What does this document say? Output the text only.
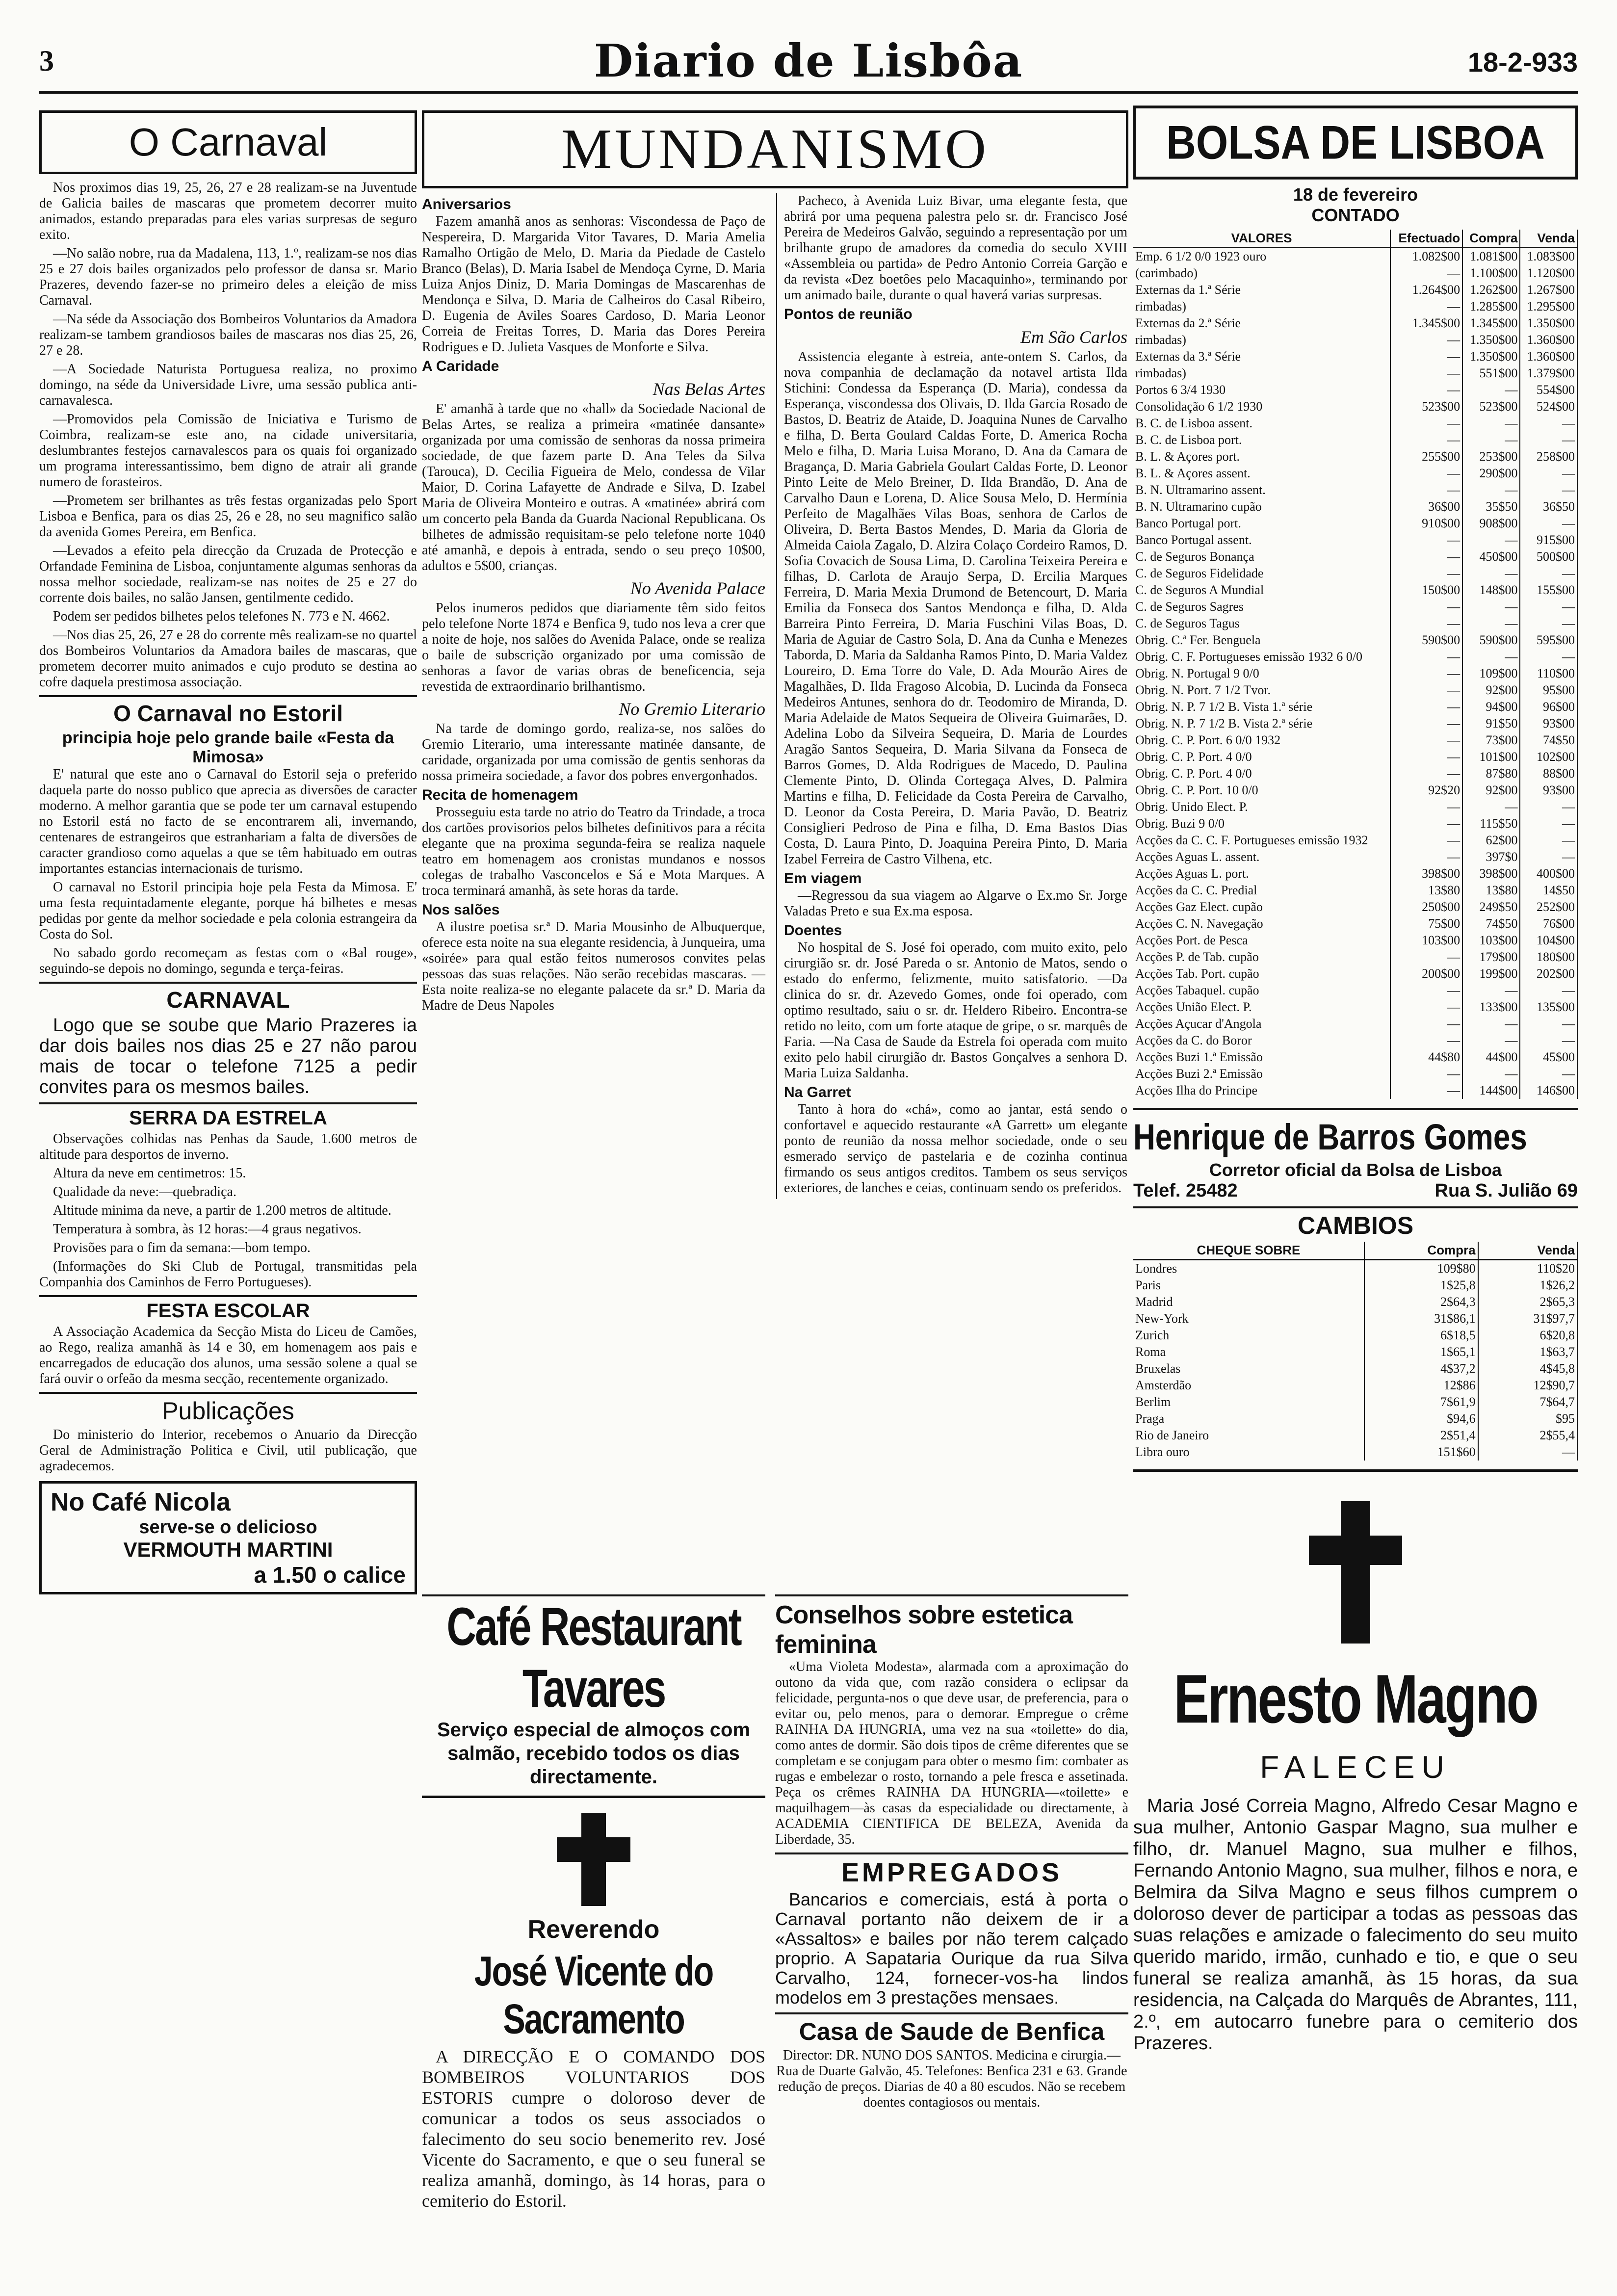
3	Diario de Lisbôa	18-2-933
O Carnaval

Nos proximos dias 19, 25, 26, 27 e 28 realizam-se na Juventude de Galicia bailes de mascaras que prometem decorrer muito animados, estando preparadas para eles varias surpresas de seguro exito.

—No salão nobre, rua da Madalena, 113, 1.º, realizam-se nos dias 25 e 27 dois bailes organizados pelo professor de dansa sr. Mario Prazeres, devendo fazer-se no primeiro deles a eleição de miss Carnaval.

—Na séde da Associação dos Bombeiros Voluntarios da Amadora realizam-se tambem grandiosos bailes de mascaras nos dias 25, 26, 27 e 28.

—A Sociedade Naturista Portuguesa realiza, no proximo domingo, na séde da Universidade Livre, uma sessão publica anti-carnavalesca.

—Promovidos pela Comissão de Iniciativa e Turismo de Coimbra, realizam-se este ano, na cidade universitaria, deslumbrantes festejos carnavalescos para os quais foi organizado um programa interessantissimo, bem digno de atrair ali grande numero de forasteiros.

—Prometem ser brilhantes as três festas organizadas pelo Sport Lisboa e Benfica, para os dias 25, 26 e 28, no seu magnifico salão da avenida Gomes Pereira, em Benfica.

—Levados a efeito pela direcção da Cruzada de Protecção e Orfandade Feminina de Lisboa, conjuntamente algumas senhoras da nossa melhor sociedade, realizam-se nas noites de 25 e 27 do corrente dois bailes, no salão Jansen, gentilmente cedido.

Podem ser pedidos bilhetes pelos telefones N. 773 e N. 4662.

—Nos dias 25, 26, 27 e 28 do corrente mês realizam-se no quartel dos Bombeiros Voluntarios da Amadora bailes de mascaras, que prometem decorrer muito animados e cujo produto se destina ao cofre daquela prestimosa associação.

O Carnaval no Estoril
principia hoje pelo grande baile «Festa da Mimosa»

E' natural que este ano o Carnaval do Estoril seja o preferido daquela parte do nosso publico que aprecia as diversões de caracter moderno. A melhor garantia que se pode ter um carnaval estupendo no Estoril está no facto de se encontrarem ali, invernando, centenares de estrangeiros que estranhariam a falta de diversões de caracter grandioso como aquelas a que se têm habituado em outras importantes estancias internacionais de turismo.

O carnaval no Estoril principia hoje pela Festa da Mimosa. E' uma festa requintadamente elegante, porque há bilhetes e mesas pedidas por gente da melhor sociedade e pela colonia estrangeira da Costa do Sol.

No sabado gordo recomeçam as festas com o «Bal rouge», seguindo-se depois no domingo, segunda e terça-feiras.

CARNAVAL

Logo que se soube que Mario Prazeres ia dar dois bailes nos dias 25 e 27 não parou mais de tocar o telefone 7125 a pedir convites para os mesmos bailes.

SERRA DA ESTRELA

Observações colhidas nas Penhas da Saude, 1.600 metros de altitude para desportos de inverno.

Altura da neve em centimetros: 15.

Qualidade da neve:—quebradiça.

Altitude minima da neve, a partir de 1.200 metros de altitude.

Temperatura à sombra, às 12 horas:—4 graus negativos.

Provisões para o fim da semana:—bom tempo.

(Informações do Ski Club de Portugal, transmitidas pela Companhia dos Caminhos de Ferro Portugueses).

FESTA ESCOLAR

A Associação Academica da Secção Mista do Liceu de Camões, ao Rego, realiza amanhã às 14 e 30, em homenagem aos pais e encarregados de educação dos alunos, uma sessão solene a qual se fará ouvir o orfeão da mesma secção, recentemente organizado.

Publicações

Do ministerio do Interior, recebemos o Anuario da Direcção Geral de Administração Politica e Civil, util publicação, que agradecemos.

No Café Nicola
serve-se o delicioso
VERMOUTH MARTINI
a 1.50 o calice
MUNDANISMO
Aniversarios

Fazem amanhã anos as senhoras: Viscondessa de Paço de Nespereira, D. Margarida Vitor Tavares, D. Maria Amelia Ramalho Ortigão de Melo, D. Maria da Piedade de Castelo Branco (Belas), D. Maria Isabel de Mendoça Cyrne, D. Maria Luiza Anjos Diniz, D. Maria Domingas de Mascarenhas de Mendonça e Silva, D. Maria de Calheiros do Casal Ribeiro, D. Eugenia de Aviles Soares Cardoso, D. Maria Leonor Correia de Freitas Torres, D. Maria das Dores Pereira Rodrigues e D. Julieta Vasques de Monforte e Silva.

A Caridade
Nas Belas Artes

E' amanhã à tarde que no «hall» da Sociedade Nacional de Belas Artes, se realiza a primeira «matinée dansante» organizada por uma comissão de senhoras da nossa primeira sociedade, de que fazem parte D. Ana Teles da Silva (Tarouca), D. Cecilia Figueira de Melo, condessa de Vilar Maior, D. Corina Lafayette de Andrade e Silva, D. Izabel Maria de Oliveira Monteiro e outras. A «matinée» abrirá com um concerto pela Banda da Guarda Nacional Republicana. Os bilhetes de admissão requisitam-se pelo telefone norte 1040 até amanhã, e depois à entrada, sendo o seu preço 10$00, adultos e 5$00, crianças.

No Avenida Palace

Pelos inumeros pedidos que diariamente têm sido feitos pelo telefone Norte 1874 e Benfica 9, tudo nos leva a crer que a noite de hoje, nos salões do Avenida Palace, onde se realiza o baile de subscrição organizado por uma comissão de senhoras a favor de varias obras de beneficencia, seja revestida de extraordinario brilhantismo.

No Gremio Literario

Na tarde de domingo gordo, realiza-se, nos salões do Gremio Literario, uma interessante matinée dansante, de caridade, organizada por uma comissão de gentis senhoras da nossa primeira sociedade, a favor dos pobres envergonhados.

Recita de homenagem

Prosseguiu esta tarde no atrio do Teatro da Trindade, a troca dos cartões provisorios pelos bilhetes definitivos para a récita elegante que na proxima segunda-feira se realiza naquele teatro em homenagem aos cronistas mundanos e nossos colegas de trabalho Vasconcelos e Sá e Mota Marques. A troca terminará amanhã, às sete horas da tarde.

Nos salões

A ilustre poetisa sr.ª D. Maria Mousinho de Albuquerque, oferece esta noite na sua elegante residencia, à Junqueira, uma «soirée» para qual estão feitos numerosos convites pelas pessoas das suas relações. Não serão recebidas mascaras. —Esta noite realiza-se no elegante palacete da sr.ª D. Maria da Madre de Deus Napoles

Pacheco, à Avenida Luiz Bivar, uma elegante festa, que abrirá por uma pequena palestra pelo sr. dr. Francisco José Pereira de Medeiros Galvão, seguindo a representação por um brilhante grupo de amadores da comedia do seculo XVIII «Assembleia ou partida» de Pedro Antonio Correia Garção e da revista «Dez boetôes pelo Macaquinho», terminando por um animado baile, durante o qual haverá varias surpresas.

Pontos de reunião
Em São Carlos

Assistencia elegante à estreia, ante-ontem S. Carlos, da nova companhia de declamação da notavel artista Ilda Stichini: Condessa da Esperança (D. Maria), condessa da Esperança, viscondessa dos Olivais, D. Ilda Garcia Rosado de Bastos, D. Beatriz de Ataide, D. Joaquina Nunes de Carvalho e filha, D. Berta Goulard Caldas Forte, D. America Rocha Melo e filha, D. Maria Luisa Morano, D. Ana da Camara de Bragança, D. Maria Gabriela Goulart Caldas Forte, D. Leonor Pinto Leite de Melo Breiner, D. Ilda Brandão, D. Ana de Carvalho Daun e Lorena, D. Alice Sousa Melo, D. Hermínia Perfeito de Magalhães Vilas Boas, senhora de Carlos de Oliveira, D. Berta Bastos Mendes, D. Maria da Gloria de Almeida Caiola Zagalo, D. Alzira Colaço Cordeiro Ramos, D. Sofia Covacich de Sousa Lima, D. Carolina Teixeira Pereira e filhas, D. Carlota de Araujo Serpa, D. Ercilia Marques Ferreira, D. Maria Mexia Drumond de Betencourt, D. Maria Emilia da Fonseca dos Santos Mendonça e filha, D. Alda Barreira Pinto Ferreira, D. Maria Fuschini Vilas Boas, D. Maria de Aguiar de Castro Sola, D. Ana da Cunha e Menezes Taborda, D. Maria da Saldanha Ramos Pinto, D. Maria Valdez Loureiro, D. Ema Torre do Vale, D. Ada Mourão Aires de Magalhães, D. Ilda Fragoso Alcobia, D. Lucinda da Fonseca Medeiros Antunes, senhora do dr. Teodomiro de Miranda, D. Maria Adelaide de Matos Sequeira de Oliveira Guimarães, D. Adelina Lobo da Silveira Sequeira, D. Maria de Lourdes Aragão Santos Sequeira, D. Maria Silvana da Fonseca de Barros Gomes, D. Alda Rodrigues de Macedo, D. Paulina Clemente Pinto, D. Olinda Cortegaça Alves, D. Palmira Martins e filha, D. Felicidade da Costa Pereira de Carvalho, D. Leonor da Costa Pereira, D. Maria Pavão, D. Beatriz Consiglieri Pedroso de Pina e filha, D. Ema Bastos Dias Costa, D. Laura Pinto, D. Joaquina Pereira Pinto, D. Maria Izabel Ferreira de Castro Vilhena, etc.

Em viagem

—Regressou da sua viagem ao Algarve o Ex.mo Sr. Jorge Valadas Preto e sua Ex.ma esposa.

Doentes

No hospital de S. José foi operado, com muito exito, pelo cirurgião sr. dr. José Pareda o sr. Antonio de Matos, sendo o estado do enfermo, felizmente, muito satisfatorio. —Da clinica do sr. dr. Azevedo Gomes, onde foi operado, com optimo resultado, saiu o sr. dr. Heldero Ribeiro. Encontra-se retido no leito, com um forte ataque de gripe, o sr. marquês de Faria. —Na Casa de Saude da Estrela foi operada com muito exito pelo habil cirurgião dr. Bastos Gonçalves a senhora D. Maria Luiza Saldanha.

Na Garret

Tanto à hora do «chá», como ao jantar, está sendo o confortavel e aquecido restaurante «A Garrett» um elegante ponto de reunião da nossa melhor sociedade, onde o seu esmerado serviço de pastelaria e de cozinha continua firmando os seus antigos creditos. Tambem os seus serviços exteriores, de lanches e ceias, continuam sendo os preferidos.

Café Restaurant Tavares
Serviço especial de almoços com salmão, recebido todos os dias directamente.
Reverendo
José Vicente do Sacramento

A DIRECÇÃO E O COMANDO DOS BOMBEIROS VOLUNTARIOS DOS ESTORIS cumpre o doloroso dever de comunicar a todos os seus associados o falecimento do seu socio benemerito rev. José Vicente do Sacramento, e que o seu funeral se realiza amanhã, domingo, às 14 horas, para o cemiterio do Estoril.

Conselhos sobre estetica feminina

«Uma Violeta Modesta», alarmada com a aproximação do outono da vida que, com razão considera o eclipsar da felicidade, pergunta-nos o que deve usar, de preferencia, para o evitar ou, pelo menos, para o demorar. Empregue o crême RAINHA DA HUNGRIA, uma vez na sua «toilette» do dia, como antes de dormir. São dois tipos de crême diferentes que se completam e se conjugam para obter o mesmo fim: combater as rugas e embelezar o rosto, tornando a pele fresca e assetinada. Peça os crêmes RAINHA DA HUNGRIA—«toilette» e maquilhagem—às casas da especialidade ou directamente, à ACADEMIA CIENTIFICA DE BELEZA, Avenida da Liberdade, 35.

EMPREGADOS

Bancarios e comerciais, está à porta o Carnaval portanto não deixem de ir a «Assaltos» e bailes por não terem calçado proprio. A Sapataria Ourique da rua Silva Carvalho, 124, fornecer-vos-ha lindos modelos em 3 prestações mensaes.

Casa de Saude de Benfica

Director: DR. NUNO DOS SANTOS. Medicina e cirurgia.—Rua de Duarte Galvão, 45. Telefones: Benfica 231 e 63. Grande redução de preços. Diarias de 40 a 80 escudos. Não se recebem doentes contagiosos ou mentais.

BOLSA DE LISBOA
18 de fevereiro
CONTADO
VALORES	Efectuado	Compra	Venda
Emp. 6 1/2 0/0 1923 ouro	1.082$00	1.081$00	1.083$00
(carimbado)	—	1.100$00	1.120$00
Externas da 1.ª Série	1.264$00	1.262$00	1.267$00
rimbadas)	—	1.285$00	1.295$00
Externas da 2.ª Série	1.345$00	1.345$00	1.350$00
rimbadas)	—	1.350$00	1.360$00
Externas da 3.ª Série	—	1.350$00	1.360$00
rimbadas)	—	551$00	1.379$00
Portos 6 3/4 1930	—	—	554$00
Consolidação 6 1/2 1930	523$00	523$00	524$00
B. C. de Lisboa assent.	—	—	—
B. C. de Lisboa port.	—	—	—
B. L. & Açores port.	255$00	253$00	258$00
B. L. & Açores assent.	—	290$00	—
B. N. Ultramarino assent.	—	—	—
B. N. Ultramarino cupão	36$00	35$50	36$50
Banco Portugal port.	910$00	908$00	—
Banco Portugal assent.	—	—	915$00
C. de Seguros Bonança	—	450$00	500$00
C. de Seguros Fidelidade	—	—	—
C. de Seguros A Mundial	150$00	148$00	155$00
C. de Seguros Sagres	—	—	—
C. de Seguros Tagus	—	—	—
Obrig. C.ª Fer. Benguela	590$00	590$00	595$00
Obrig. C. F. Portugueses emissão 1932 6 0/0	—	—	—
Obrig. N. Portugal 9 0/0	—	109$00	110$00
Obrig. N. Port. 7 1/2 Tvor.	—	92$00	95$00
Obrig. N. P. 7 1/2 B. Vista 1.ª série	—	94$00	96$00
Obrig. N. P. 7 1/2 B. Vista 2.ª série	—	91$50	93$00
Obrig. C. P. Port. 6 0/0 1932	—	73$00	74$50
Obrig. C. P. Port. 4 0/0	—	101$00	102$00
Obrig. C. P. Port. 4 0/0	—	87$80	88$00
Obrig. C. P. Port. 10 0/0	92$20	92$00	93$00
Obrig. Unido Elect. P.	—	—	—
Obrig. Buzi 9 0/0	—	115$50	—
Acções da C. C. F. Portugueses emissão 1932	—	62$00	—
Acções Aguas L. assent.	—	397$0	—
Acções Aguas L. port.	398$00	398$00	400$00
Acções da C. C. Predial	13$80	13$80	14$50
Acções Gaz Elect. cupão	250$00	249$50	252$00
Acções C. N. Navegação	75$00	74$50	76$00
Acções Port. de Pesca	103$00	103$00	104$00
Acções P. de Tab. cupão	—	179$00	180$00
Acções Tab. Port. cupão	200$00	199$00	202$00
Acções Tabaquel. cupão	—	—	—
Acções União Elect. P.	—	133$00	135$00
Acções Açucar d'Angola	—	—	—
Acções da C. do Boror	—	—	—
Acções Buzi 1.ª Emissão	44$80	44$00	45$00
Acções Buzi 2.ª Emissão	—	—	—
Acções Ilha do Principe	—	144$00	146$00
Henrique de Barros Gomes
Corretor oficial da Bolsa de Lisboa
Telef. 25482	Rua S. Julião 69
CAMBIOS
CHEQUE SOBRE	Compra	Venda
Londres	109$80	110$20
Paris	1$25,8	1$26,2
Madrid	2$64,3	2$65,3
New-York	31$86,1	31$97,7
Zurich	6$18,5	6$20,8
Roma	1$65,1	1$63,7
Bruxelas	4$37,2	4$45,8
Amsterdão	12$86	12$90,7
Berlim	7$61,9	7$64,7
Praga	$94,6	$95
Rio de Janeiro	2$51,4	2$55,4
Libra ouro	151$60	—
Ernesto Magno
FALECEU

Maria José Correia Magno, Alfredo Cesar Magno e sua mulher, Antonio Gaspar Magno, sua mulher e filho, dr. Manuel Magno, sua mulher e filhos, Fernando Antonio Magno, sua mulher, filhos e nora, e Belmira da Silva Magno e seus filhos cumprem o doloroso dever de participar a todas as pessoas das suas relações e amizade o falecimento do seu muito querido marido, irmão, cunhado e tio, e que o seu funeral se realiza amanhã, às 15 horas, da sua residencia, na Calçada do Marquês de Abrantes, 111, 2.º, em autocarro funebre para o cemiterio dos Prazeres.
